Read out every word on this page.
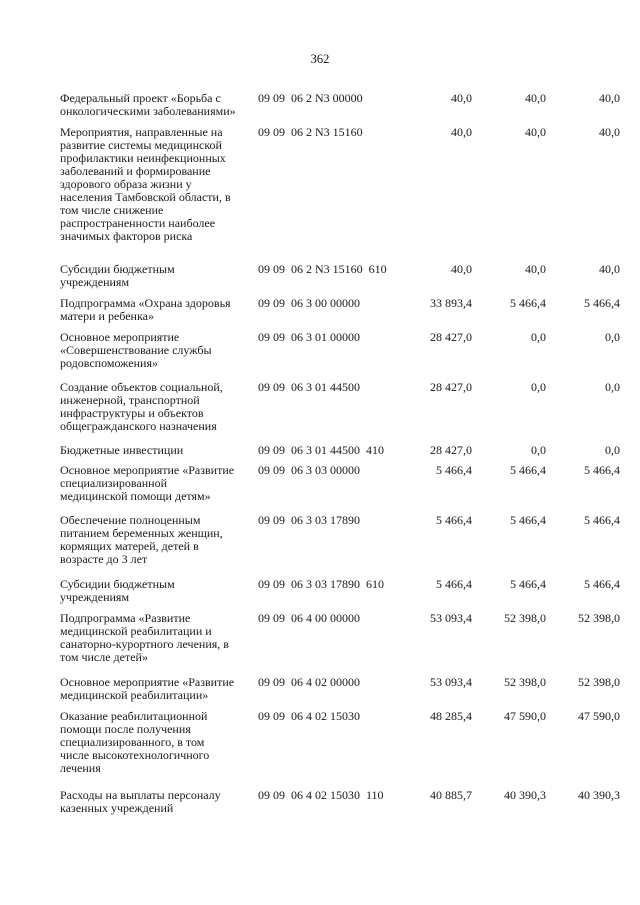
362
Федеральный проект «Борьба с
онкологическими заболеваниями»
09 09  06 2 N3 00000	40,0	40,0	40,0
Мероприятия, направленные на
развитие системы медицинской
профилактики неинфекционных
заболеваний и формирование
здорового образа жизни у
населения Тамбовской области, в
том числе снижение
распространенности наиболее
значимых факторов риска
09 09  06 2 N3 15160	40,0	40,0	40,0
Субсидии бюджетным
учреждениям
09 09  06 2 N3 15160  610	40,0	40,0	40,0
Подпрограмма «Охрана здоровья
матери и ребенка»
09 09  06 3 00 00000	33 893,4	5 466,4	5 466,4
Основное мероприятие
«Совершенствование службы
родовспоможения»
09 09  06 3 01 00000	28 427,0	0,0	0,0
Создание объектов социальной,
инженерной, транспортной
инфраструктуры и объектов
общегражданского назначения
09 09  06 3 01 44500	28 427,0	0,0	0,0
Бюджетные инвестиции	09 09  06 3 01 44500  410	28 427,0	0,0	0,0
Основное мероприятие «Развитие
специализированной
медицинской помощи детям»
09 09  06 3 03 00000	5 466,4	5 466,4	5 466,4
Обеспечение полноценным
питанием беременных женщин,
кормящих матерей, детей в
возрасте до 3 лет
09 09  06 3 03 17890	5 466,4	5 466,4	5 466,4
Субсидии бюджетным
учреждениям
09 09  06 3 03 17890  610	5 466,4	5 466,4	5 466,4
Подпрограмма «Развитие
медицинской реабилитации и
санаторно-курортного лечения, в
том числе детей»
09 09  06 4 00 00000	53 093,4	52 398,0	52 398,0
Основное мероприятие «Развитие
медицинской реабилитации»
09 09  06 4 02 00000	53 093,4	52 398,0	52 398,0
Оказание реабилитационной
помощи после получения
специализированного, в том
числе высокотехнологичного
лечения
09 09  06 4 02 15030	48 285,4	47 590,0	47 590,0
Расходы на выплаты персоналу
казенных учреждений
09 09  06 4 02 15030  110	40 885,7	40 390,3	40 390,3
